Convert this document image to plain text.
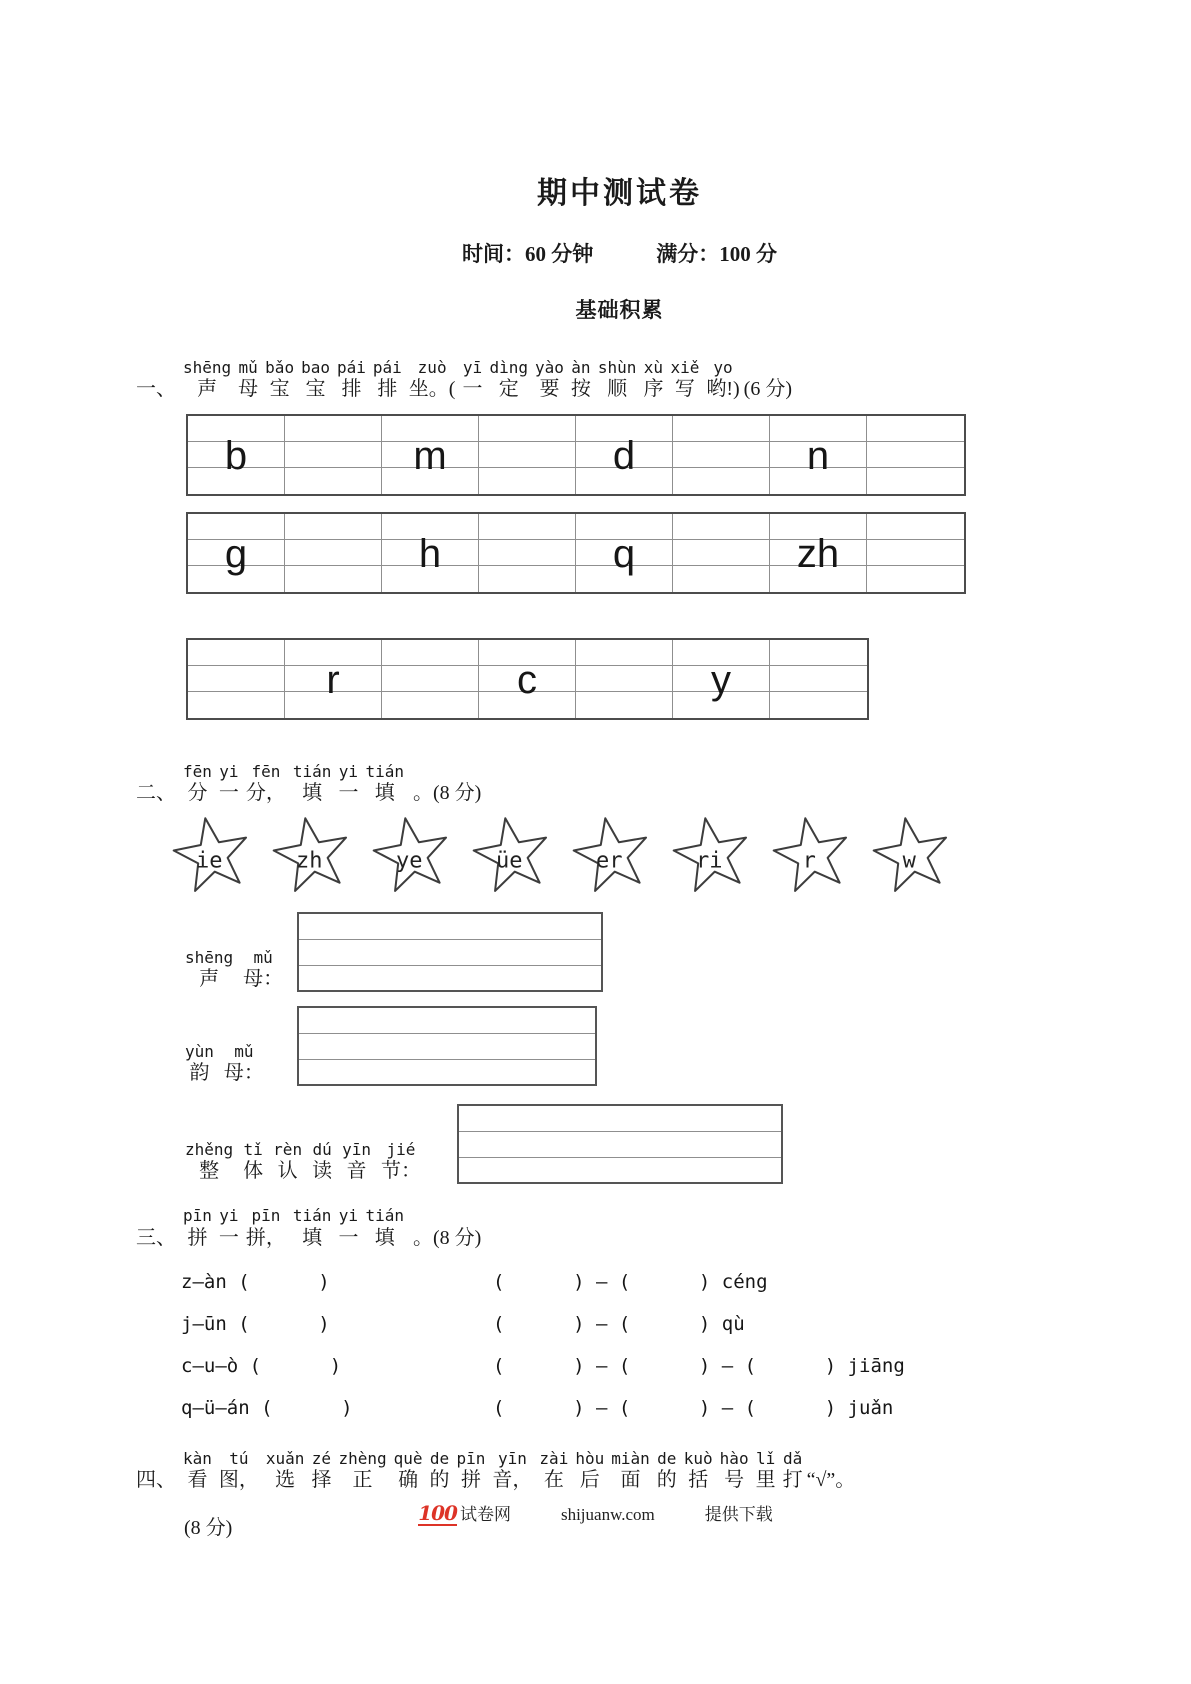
期中测试卷
时间：60 分钟　　　满分：100 分
基础积累
一、
shēng
声
mǔ
母
bǎo
宝
bao
宝
pái
排
pái
排
zuò
坐。(
yī
一
dìng
定
yào
要
àn
按
shùn
顺
xù
序
xiě
写
yo
哟!) (6 分)
b	m	d	n
g	h	q	zh
r	c	y
二、
fēn
分
yi
一
fēn
分，
tián
填
yi
一
tián
填 。(8 分)
ie	zh	ye	üe	er	ri	r	w
shēng
声
mǔ
母：
yùn
韵
mǔ
母：
zhěng
整
tǐ
体
rèn
认
dú
读
yīn
音
jié
节：
三、
pīn
拼
yi
一
pīn
拼，
tián
填
yi
一
tián
填 。(8 分)
z—àn (      )	(      ) — (      ) céng
j—ūn (      )	(      ) — (      ) qù
c—u—ò (      )	(      ) — (      ) — (      ) jiāng
q—ü—án (      )	(      ) — (      ) — (      ) juǎn
四、
kàn
看
tú
图，
xuǎn
选
zé
择
zhèng
正
què
确
de
的
pīn
拼
yīn
音，
zài
在
hòu
后
miàn
面
de
的
kuò
括
hào
号
lǐ
里
dǎ
打 “√”。
(8 分)
100 试卷网	shijuanw.com	提供下载
